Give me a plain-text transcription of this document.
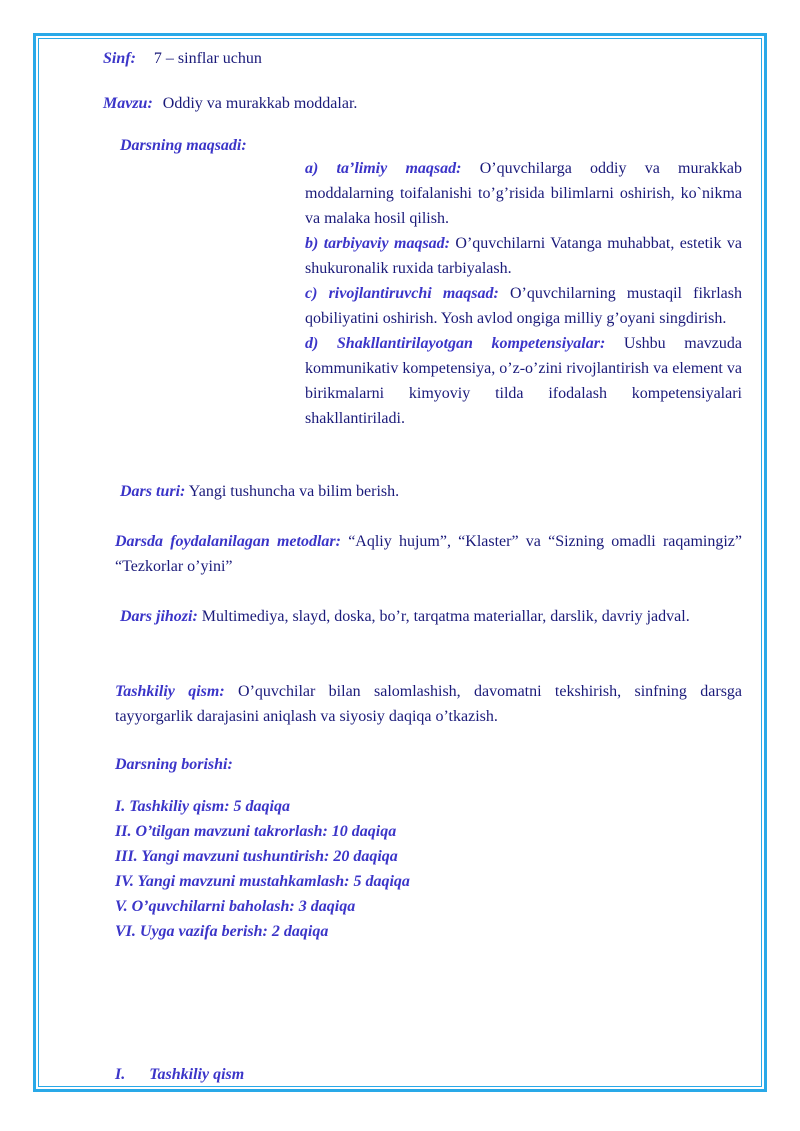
Sinf: 7 – sinflar uchun
Mavzu: Oddiy va murakkab moddalar.
Darsning maqsadi:

a) ta’limiy maqsad: O’quvchilarga oddiy va murakkab moddalarning toifalanishi to’g’risida bilimlarni oshirish, ko`nikma va malaka hosil qilish.

b) tarbiyaviy maqsad: O’quvchilarni Vatanga muhabbat, estetik va shukuronalik ruxida tarbiyalash.

c) rivojlantiruvchi maqsad: O’quvchilarning mustaqil fikrlash qobiliyatini oshirish. Yosh avlod ongiga milliy g’oyani singdirish.

d) Shakllantirilayotgan kompetensiyalar: Ushbu mavzuda kommunikativ kompetensiya, o’z-o’zini rivojlantirish va element va birikmalarni kimyoviy tilda ifodalash kompetensiyalari shakllantiriladi.

Dars turi: Yangi tushuncha va bilim berish.

Darsda foydalanilagan metodlar: “Aqliy hujum”, “Klaster” va “Sizning omadli raqamingiz” “Tezkorlar o’yini”

Dars jihozi: Multimediya, slayd, doska, bo’r, tarqatma materiallar, darslik, davriy jadval.

Tashkiliy qism: O’quvchilar bilan salomlashish, davomatni tekshirish, sinfning darsga tayyorgarlik darajasini aniqlash va siyosiy daqiqa o’tkazish.

Darsning borishi:
I. Tashkiliy qism: 5 daqiqa
II. O’tilgan mavzuni takrorlash: 10 daqiqa
III. Yangi mavzuni tushuntirish: 20 daqiqa
IV. Yangi mavzuni mustahkamlash: 5 daqiqa
V. O’quvchilarni baholash: 3 daqiqa
VI. Uyga vazifa berish: 2 daqiqa
I. Tashkiliy qism
